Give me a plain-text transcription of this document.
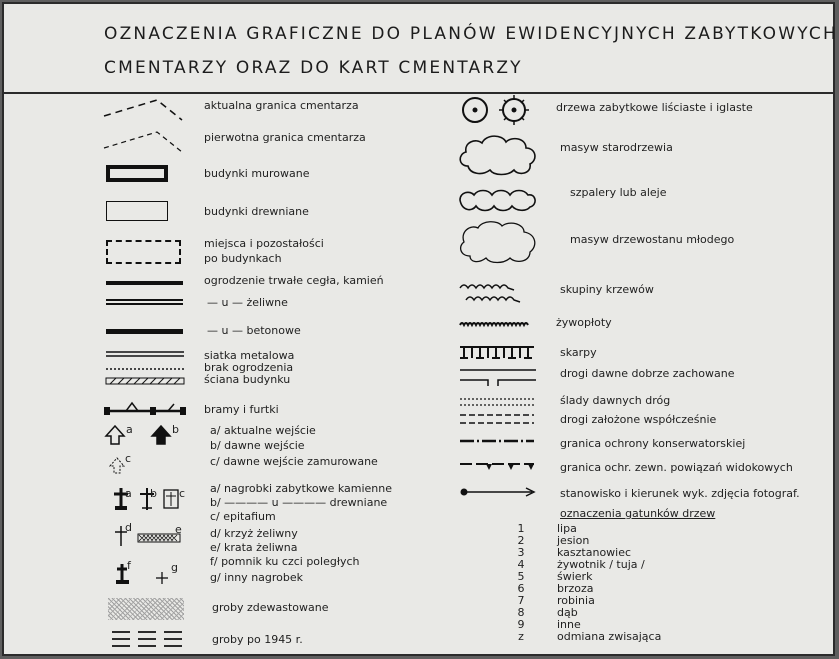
OZNACZENIA GRAFICZNE DO PLANÓW EWIDENCYJNYCH ZABYTKOWYCH
CMENTARZY ORAZ DO KART CMENTARZY
aktualna granica cmentarza
pierwotna granica cmentarza
budynki murowane
budynki drewniane
miejsca i pozostałości
po budynkach
ogrodzenie trwałe cegła, kamień
— u — żeliwne
— u — betonowe
siatka metalowa
brak ogrodzenia
ściana budynku
bramy i furtki
a	b
c
a/ aktualne wejście
b/ dawne wejście
c/ dawne wejście zamurowane
a b c a/ nagrobki zabytkowe kamienne
b/ ———— u ———— drewniane
c/ epitafium
d	e	d/ krzyż żeliwny
e/ krata żeliwna
f	g	f/ pomnik ku czci poległych
g/ inny nagrobek
groby zdewastowane
groby po 1945 r.
drzewa zabytkowe liściaste i iglaste
masyw starodrzewia
szpalery lub aleje
masyw drzewostanu młodego
skupiny krzewów
żywopłoty
skarpy
drogi dawne dobrze zachowane
ślady dawnych dróg
drogi założone współcześnie
granica ochrony konserwatorskiej
granica ochr. zewn. powiązań widokowych
stanowisko i kierunek wyk. zdjęcia fotograf.
oznaczenia gatunków drzew
1	lipa
2	jesion
3	kasztanowiec
4	żywotnik / tuja /
5	świerk
6	brzoza
7	robinia
8	dąb
9	inne
z	odmiana zwisająca
